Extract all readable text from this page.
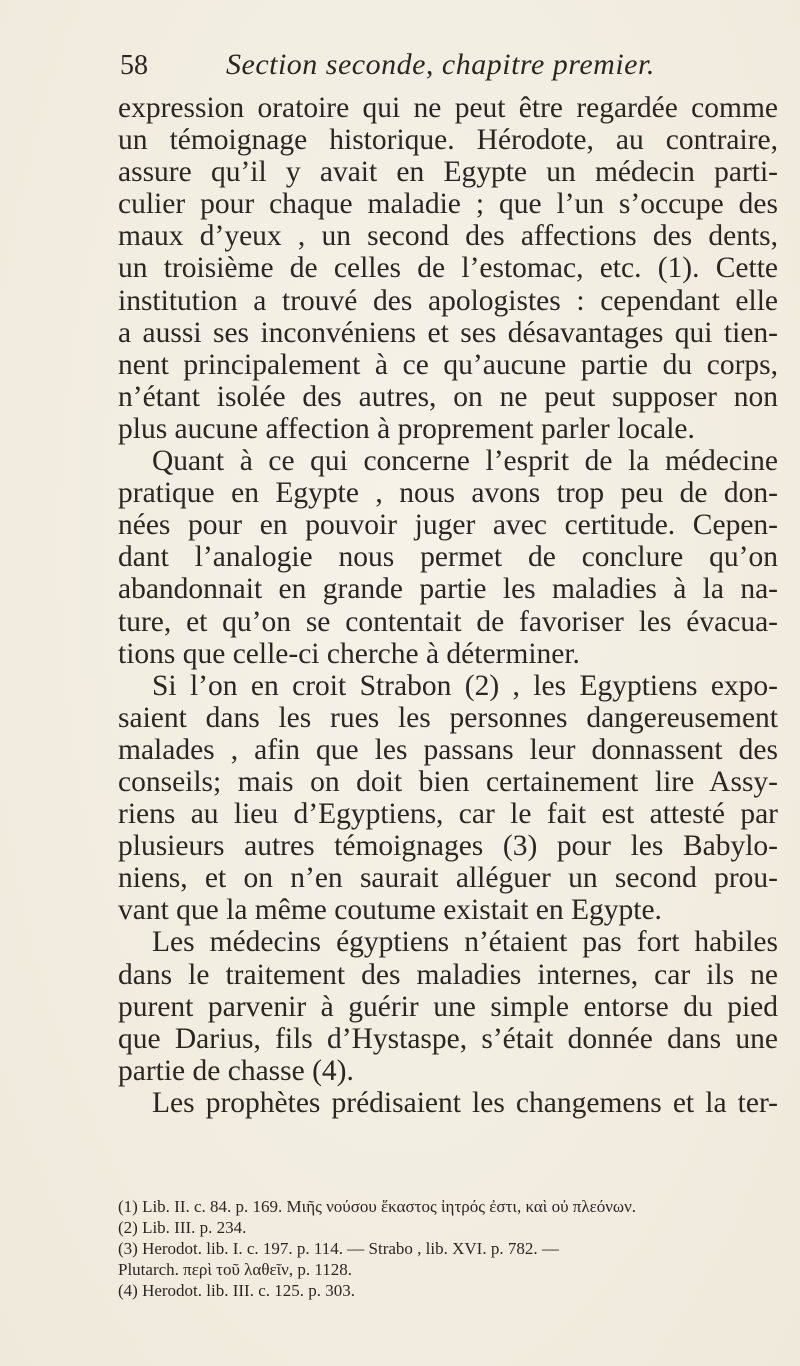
58	Section seconde, chapitre premier.
expression oratoire qui ne peut être regardée comme
un témoignage historique. Hérodote, au contraire,
assure qu’il y avait en Egypte un médecin parti-
culier pour chaque maladie ; que l’un s’occupe des
maux d’yeux , un second des affections des dents,
un troisième de celles de l’estomac, etc. (1). Cette
institution a trouvé des apologistes : cependant elle
a aussi ses inconvéniens et ses désavantages qui tien-
nent principalement à ce qu’aucune partie du corps,
n’étant isolée des autres, on ne peut supposer non
plus aucune affection à proprement parler locale.
Quant à ce qui concerne l’esprit de la médecine
pratique en Egypte , nous avons trop peu de don-
nées pour en pouvoir juger avec certitude. Cepen-
dant l’analogie nous permet de conclure qu’on
abandonnait en grande partie les maladies à la na-
ture, et qu’on se contentait de favoriser les évacua-
tions que celle-ci cherche à déterminer.
Si l’on en croit Strabon (2) , les Egyptiens expo-
saient dans les rues les personnes dangereusement
malades , afin que les passans leur donnassent des
conseils; mais on doit bien certainement lire Assy-
riens au lieu d’Egyptiens, car le fait est attesté par
plusieurs autres témoignages (3) pour les Babylo-
niens, et on n’en saurait alléguer un second prou-
vant que la même coutume existait en Egypte.
Les médecins égyptiens n’étaient pas fort habiles
dans le traitement des maladies internes, car ils ne
purent parvenir à guérir une simple entorse du pied
que Darius, fils d’Hystaspe, s’était donnée dans une
partie de chasse (4).
Les prophètes prédisaient les changemens et la ter-
(1) Lib. II. c. 84. p. 169. Μιῆς νούσου ἕκαστος ἰητρός ἐστι, καὶ οὐ πλεόνων.
(2) Lib. III. p. 234.
(3) Herodot. lib. I. c. 197. p. 114. — Strabo , lib. XVI. p. 782. —
Plutarch. περὶ τοῦ λαθεῖν, p. 1128.
(4) Herodot. lib. III. c. 125. p. 303.
